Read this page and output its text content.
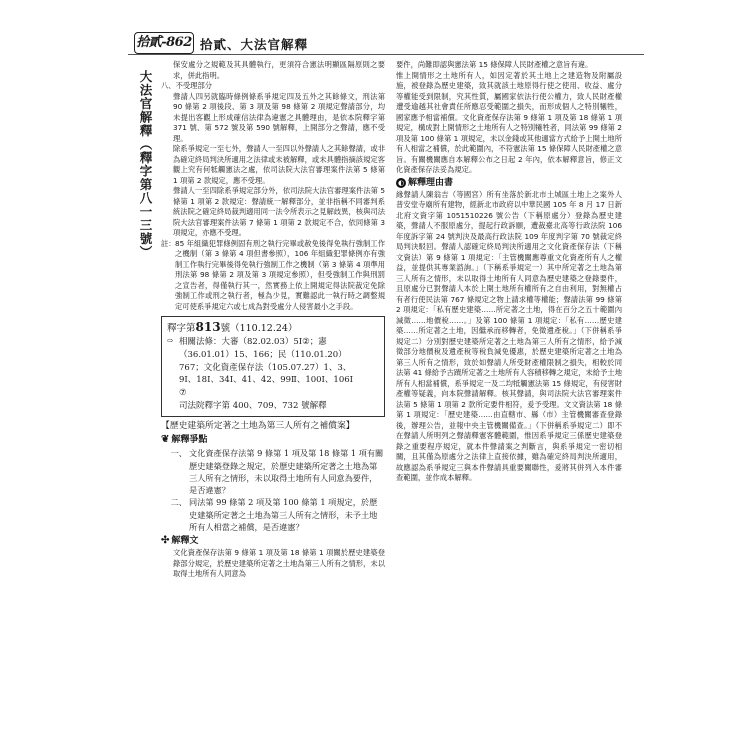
拾貳-862 拾貳、大法官解釋
大法官解釋（釋字第八一三號）

保安處分之規範及其具體執行，更須符合憲法明顯區隔原則之要求，併此指明。

八、不受理部分

聲請人四另就臨時條例條系爭規定四及五外之其餘條文，刑法第 90 條第 2 項後段、第 3 項及第 98 條第 2 項規定聲請部分，均未提出客觀上形成確信法律為違憲之具體理由，是依本院釋字第 371 號、第 572 號及第 590 號解釋，上開部分之聲請，應不受理。

除系爭規定一至七外，聲請人一至四以外聲請人之其餘聲請，或非為確定終局判決所適用之法律或未被解釋，或未具體指摘該規定客觀上究有何牴觸憲法之處，依司法院大法官審理案件法第 5 條第 1 項第 2 款規定，應不受理。

聲請人一至四除系爭規定部分外，依司法院大法官審理案件法第 5 條第 1 項第 2 款規定：聲請統一解釋部分，並非指稱不同審判系統法院之確定終局裁判適用同一法令所表示之見解歧異，核與司法院大法官審理案件法第 7 條第 1 項第 2 款規定不合，依同條第 3 項規定，亦應不受理。

註： 85 年組織犯罪條例固有刑之執行完畢或赦免後得免執行強制工作之機制（第 3 條第 4 項但書參照），106 年組織犯罪條例亦有強制工作執行完畢後得免執行強制工作之機制（第 3 條第 4 項準用刑法第 98 條第 2 項及第 3 項規定參照），但受強制工作與刑罰之宣告者，得僅執行其一，然實務上依上開規定得法院裁定免除強制工作或刑之執行者，極為少見，實難認此一執行時之調整規定可使系爭規定六或七成為對受處分人侵害最小之手段。

釋字第813號（110.12.24）
⇨ 相關法條：大審（82.02.03）5Ⅰ②；憲
（36.01.01）15、166；民（110.01.20）
767；文化資產保存法（105.07.27）1、3、
9Ⅰ、18Ⅰ、34Ⅰ、41、42、99Ⅱ、100Ⅰ、106Ⅰ
⑦
司法院釋字第 400、709、732 號解釋

【歷史建築所定著之土地為第三人所有之補償案】

❦ 解釋爭點
一、 文化資產保存法第 9 條第 1 項及第 18 條第 1 項有關歷史建築登錄之規定，於歷史建築所定著之土地為第三人所有之情形，未以取得土地所有人同意為要件，是否違憲？

二、 同法第 99 條第 2 項及第 100 條第 1 項規定，於歷史建築所定著之土地為第三人所有之情形，未予土地所有人相當之補償，是否違憲？

✣ 解釋文

文化資產保存法第 9 條第 1 項及第 18 條第 1 項關於歷史建築登錄部分規定，於歷史建築所定著之土地為第三人所有之情形，未以取得土地所有人同意為

要件，尚難即認與憲法第 15 條保障人民財產權之意旨有違。

惟上開情形之土地所有人，如因定著於其土地上之建造物及附屬設施，被登錄為歷史建築，致其就該土地原得行使之使用、收益、處分等權能受到限制，究其性質，屬國家依法行使公權力，致人民財產權遭受逾越其社會責任所應忍受範圍之損失，而形成個人之特別犧牲，國家應予相當補償。文化資產保存法第 9 條第 1 項及第 18 條第 1 項規定，構成對上開情形之土地所有人之特別犧牲者，同法第 99 條第 2 項及第 100 條第 1 項規定，未以金錢或其他適當方式給予上開土地所有人相當之補償，於此範圍內，不符憲法第 15 條保障人民財產權之意旨。有關機關應自本解釋公布之日起 2 年內，依本解釋意旨，修正文化資產保存法妥為規定。

◐ 解釋理由書

緣聲請人陳翁吉（等國宮）所有坐落於新北市土城區土地上之案外人普安堂寺廟所有建物，經新北市政府以中華民國 105 年 8 月 17 日新北府文資字第 1051510226 號公告（下稱原處分）登錄為歷史建築，聲請人不服原處分，提起行政訴願，遭裁臺北高等行政法院 106 年度訴字第 24 號判決及最高行政法院 109 年度判字第 70 號裁定終局判決駁回。聲請人認確定終局判決所適用之文化資產保存法（下稱文資法）第 9 條第 1 項規定：「主管機關應尊重文化資產所有人之權益，並提供其專業諮詢。」（下稱系爭規定一）其中所定著之土地為第三人所有之情形，未以取得土地所有人同意為歷史建築之登錄要件，且原處分已對聲請人本於上開土地所有權所有之自由利用，對無權占有者行使民法第 767 條規定之物上請求權等權能；聲請法第 99 條第 2 項規定：「私有歷史建築……所定著之土地，得在百分之五十範圍內減徵……地價稅……。」及第 100 條第 1 項規定：「私有……歷史建築……所定著之土地，因繼承而移轉者，免徵遺產稅。」（下併稱系爭規定二）分別對歷史建築所定著之土地為第三人所有之情形，給予減徵部分地價稅及遺產稅等稅負減免優惠，於歷史建築所定著之土地為第三人所有之情形，致於如聲請人所受財產權限制之損失，相較於同法第 41 條給予古蹟所定著之土地所有人容積移轉之規定，未給予土地所有人相當補償，系爭規定一及二均牴觸憲法第 15 條規定，有侵害財產權等疑義，向本院聲請解釋。核其聲請，與司法院大法官審理案件法第 5 條第 1 項第 2 款所定要件相符，爰予受理。文文資法第 18 條第 1 項規定：「歷史建築……由直轄市、縣（市）主管機關審查登錄後，辦理公告，並報中央主管機關備查。」（下併稱系爭規定二）即不在聲請人所明列之聲請釋憲客體範圍，惟因系爭規定三係歷史建築登錄之重要程序規定，就本件聲請案之判斷言，與系爭規定一密切相關，且其僅為原處分之法律上直接依據，雖為確定終局判決所適用，故應認為系爭規定三與本件聲請具重要關聯性，爰將其併列入本件審查範圍，並作成本解釋。
